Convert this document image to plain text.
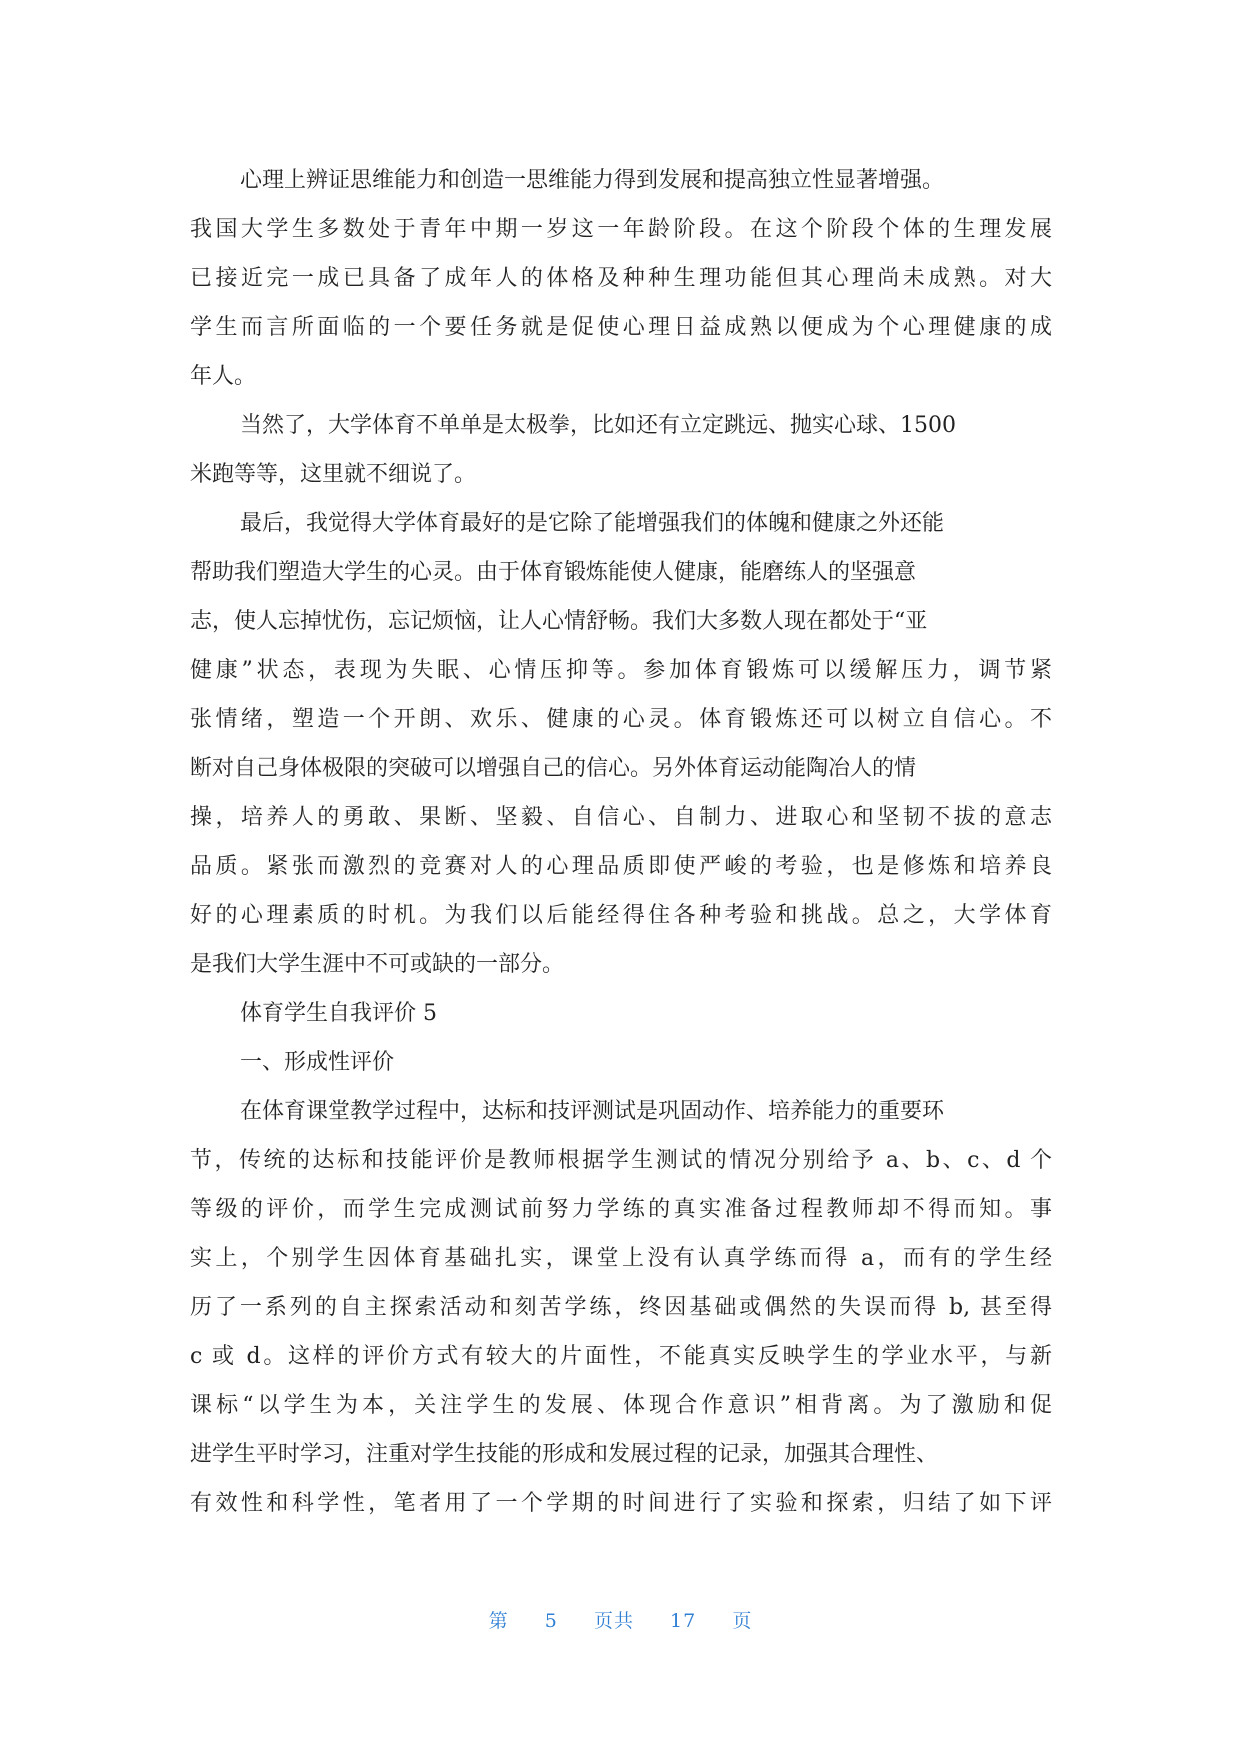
心理上辨证思维能力和创造一思维能力得到发展和提高独立性显著增强。
我国大学生多数处于青年中期一岁这一年龄阶段。在这个阶段个体的生理发展
已接近完一成已具备了成年人的体格及种种生理功能但其心理尚未成熟。对大
学生而言所面临的一个要任务就是促使心理日益成熟以便成为个心理健康的成
年人。
当然了，大学体育不单单是太极拳，比如还有立定跳远、抛实心球、1500
米跑等等，这里就不细说了。
最后，我觉得大学体育最好的是它除了能增强我们的体魄和健康之外还能
帮助我们塑造大学生的心灵。由于体育锻炼能使人健康，能磨练人的坚强意
志，使人忘掉忧伤，忘记烦恼，让人心情舒畅。我们大多数人现在都处于“亚
健康”状态，表现为失眠、心情压抑等。参加体育锻炼可以缓解压力，调节紧
张情绪，塑造一个开朗、欢乐、健康的心灵。体育锻炼还可以树立自信心。不
断对自己身体极限的突破可以增强自己的信心。另外体育运动能陶冶人的情
操，培养人的勇敢、果断、坚毅、自信心、自制力、进取心和坚韧不拔的意志
品质。紧张而激烈的竞赛对人的心理品质即使严峻的考验，也是修炼和培养良
好的心理素质的时机。为我们以后能经得住各种考验和挑战。总之，大学体育
是我们大学生涯中不可或缺的一部分。
体育学生自我评价 5
一、形成性评价
在体育课堂教学过程中，达标和技评测试是巩固动作、培养能力的重要环
节，传统的达标和技能评价是教师根据学生测试的情况分别给予 a、b、c、d 个
等级的评价，而学生完成测试前努力学练的真实准备过程教师却不得而知。事
实上，个别学生因体育基础扎实，课堂上没有认真学练而得 a，而有的学生经
历了一系列的自主探索活动和刻苦学练，终因基础或偶然的失误而得 b, 甚至得
c 或 d。这样的评价方式有较大的片面性，不能真实反映学生的学业水平，与新
课标“以学生为本，关注学生的发展、体现合作意识”相背离。为了激励和促
进学生平时学习，注重对学生技能的形成和发展过程的记录，加强其合理性、
有效性和科学性，笔者用了一个学期的时间进行了实验和探索，归结了如下评
第 5 页共 17 页
